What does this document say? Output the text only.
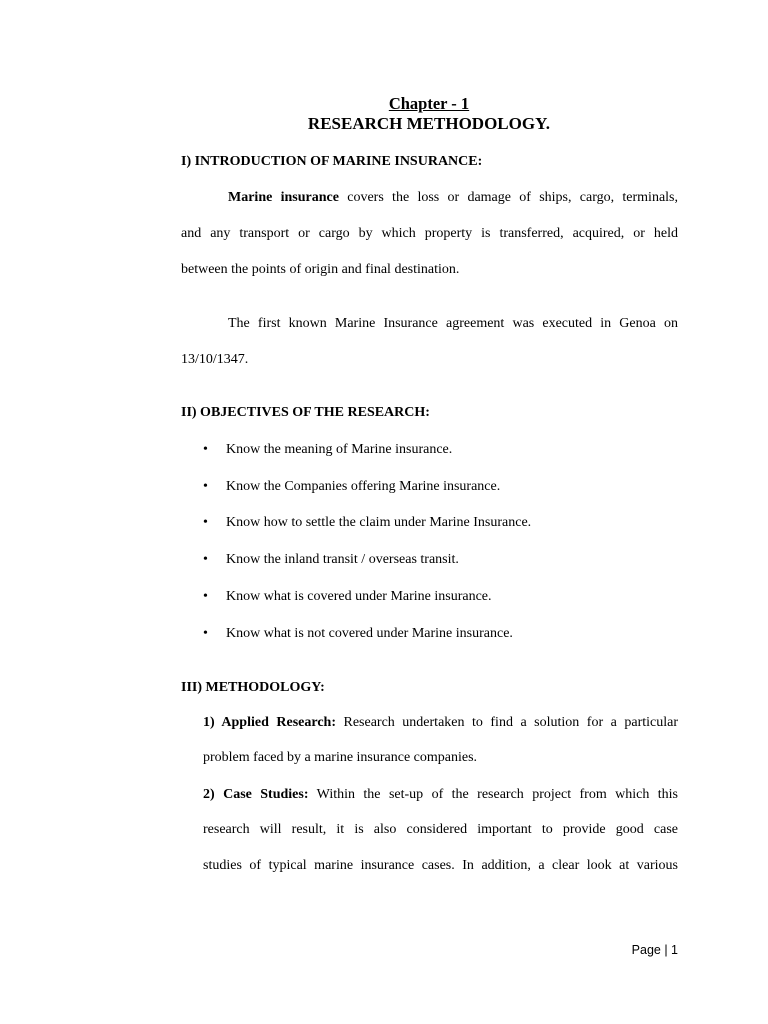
Chapter - 1
RESEARCH METHODOLOGY.
I) INTRODUCTION OF MARINE INSURANCE:
Marine insurance covers the loss or damage of ships, cargo, terminals,
and any transport or cargo by which property is transferred, acquired, or held
between the points of origin and final destination.
The first known Marine Insurance agreement was executed in Genoa on
13/10/1347.
II) OBJECTIVES OF THE RESEARCH:
• Know the meaning of Marine insurance.
• Know the Companies offering Marine insurance.
• Know how to settle the claim under Marine Insurance.
• Know the inland transit / overseas transit.
• Know what is covered under Marine insurance.
• Know what is not covered under Marine insurance.
III) METHODOLOGY:
1) Applied Research: Research undertaken to find a solution for a particular
problem faced by a marine insurance companies.
2) Case Studies: Within the set-up of the research project from which this
research will result, it is also considered important to provide good case
studies of typical marine insurance cases. In addition, a clear look at various
Page | 1
